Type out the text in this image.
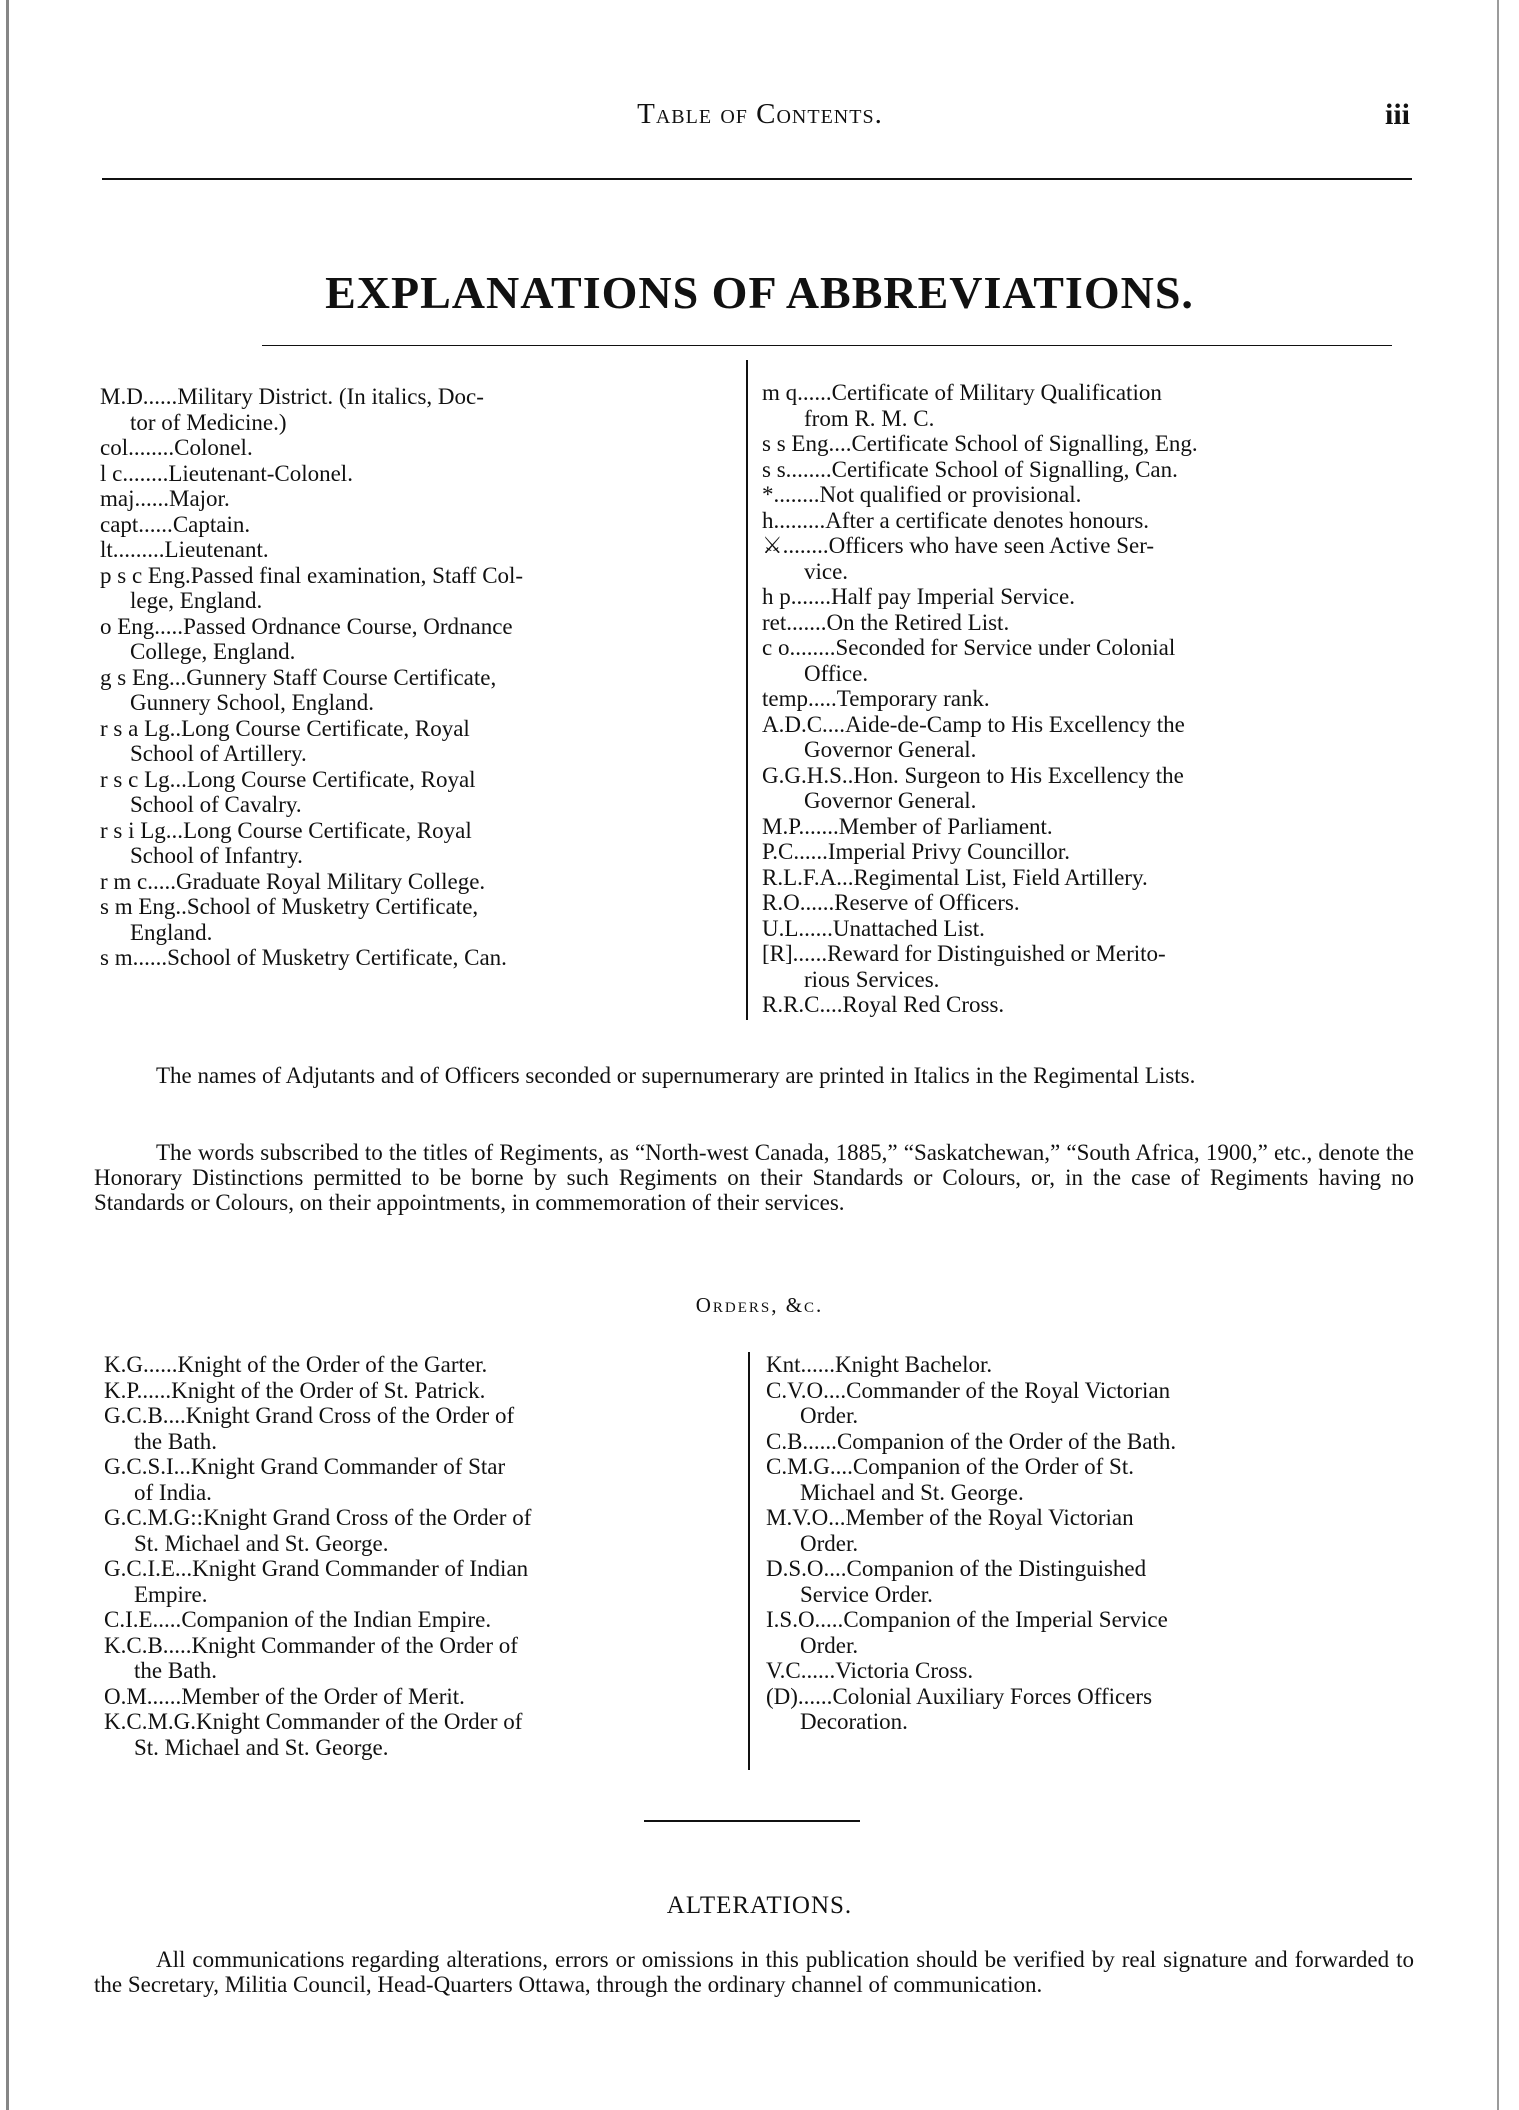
Table of Contents.	iii
EXPLANATIONS OF ABBREVIATIONS.
M.D......Military District. (In italics, Doc-
tor of Medicine.)
col........Colonel.
l c........Lieutenant-Colonel.
maj......Major.
capt......Captain.
lt.........Lieutenant.
p s c Eng.Passed final examination, Staff Col-
lege, England.
o Eng.....Passed Ordnance Course, Ordnance
College, England.
g s Eng...Gunnery Staff Course Certificate,
Gunnery School, England.
r s a Lg..Long Course Certificate, Royal
School of Artillery.
r s c Lg...Long Course Certificate, Royal
School of Cavalry.
r s i Lg...Long Course Certificate, Royal
School of Infantry.
r m c.....Graduate Royal Military College.
s m Eng..School of Musketry Certificate,
England.
s m......School of Musketry Certificate, Can.
m q......Certificate of Military Qualification
from R. M. C.
s s Eng....Certificate School of Signalling, Eng.
s s........Certificate School of Signalling, Can.
*........Not qualified or provisional.
h.........After a certificate denotes honours.
⚔........Officers who have seen Active Ser-
vice.
h p.......Half pay Imperial Service.
ret.......On the Retired List.
c o........Seconded for Service under Colonial
Office.
temp.....Temporary rank.
A.D.C....Aide-de-Camp to His Excellency the
Governor General.
G.G.H.S..Hon. Surgeon to His Excellency the
Governor General.
M.P.......Member of Parliament.
P.C......Imperial Privy Councillor.
R.L.F.A...Regimental List, Field Artillery.
R.O......Reserve of Officers.
U.L......Unattached List.
[R]......Reward for Distinguished or Merito-
rious Services.
R.R.C....Royal Red Cross.
The names of Adjutants and of Officers seconded or supernumerary are printed in Italics in the Regimental Lists.
The words subscribed to the titles of Regiments, as “North-west Canada, 1885,” “Saskatchewan,” “South Africa, 1900,” etc., denote the Honorary Distinctions permitted to be borne by such Regiments on their Standards or Colours, or, in the case of Regiments having no Standards or Colours, on their appointments, in commemoration of their services.
Orders, &c.
K.G......Knight of the Order of the Garter.
K.P......Knight of the Order of St. Patrick.
G.C.B....Knight Grand Cross of the Order of
the Bath.
G.C.S.I...Knight Grand Commander of Star
of India.
G.C.M.G::Knight Grand Cross of the Order of
St. Michael and St. George.
G.C.I.E...Knight Grand Commander of Indian
Empire.
C.I.E.....Companion of the Indian Empire.
K.C.B.....Knight Commander of the Order of
the Bath.
O.M......Member of the Order of Merit.
K.C.M.G.Knight Commander of the Order of
St. Michael and St. George.
Knt......Knight Bachelor.
C.V.O....Commander of the Royal Victorian
Order.
C.B......Companion of the Order of the Bath.
C.M.G....Companion of the Order of St.
Michael and St. George.
M.V.O...Member of the Royal Victorian
Order.
D.S.O....Companion of the Distinguished
Service Order.
I.S.O.....Companion of the Imperial Service
Order.
V.C......Victoria Cross.
(D)......Colonial Auxiliary Forces Officers
Decoration.
ALTERATIONS.
All communications regarding alterations, errors or omissions in this publication should be verified by real signature and forwarded to the Secretary, Militia Council, Head-Quarters Ottawa, through the ordinary channel of communication.
